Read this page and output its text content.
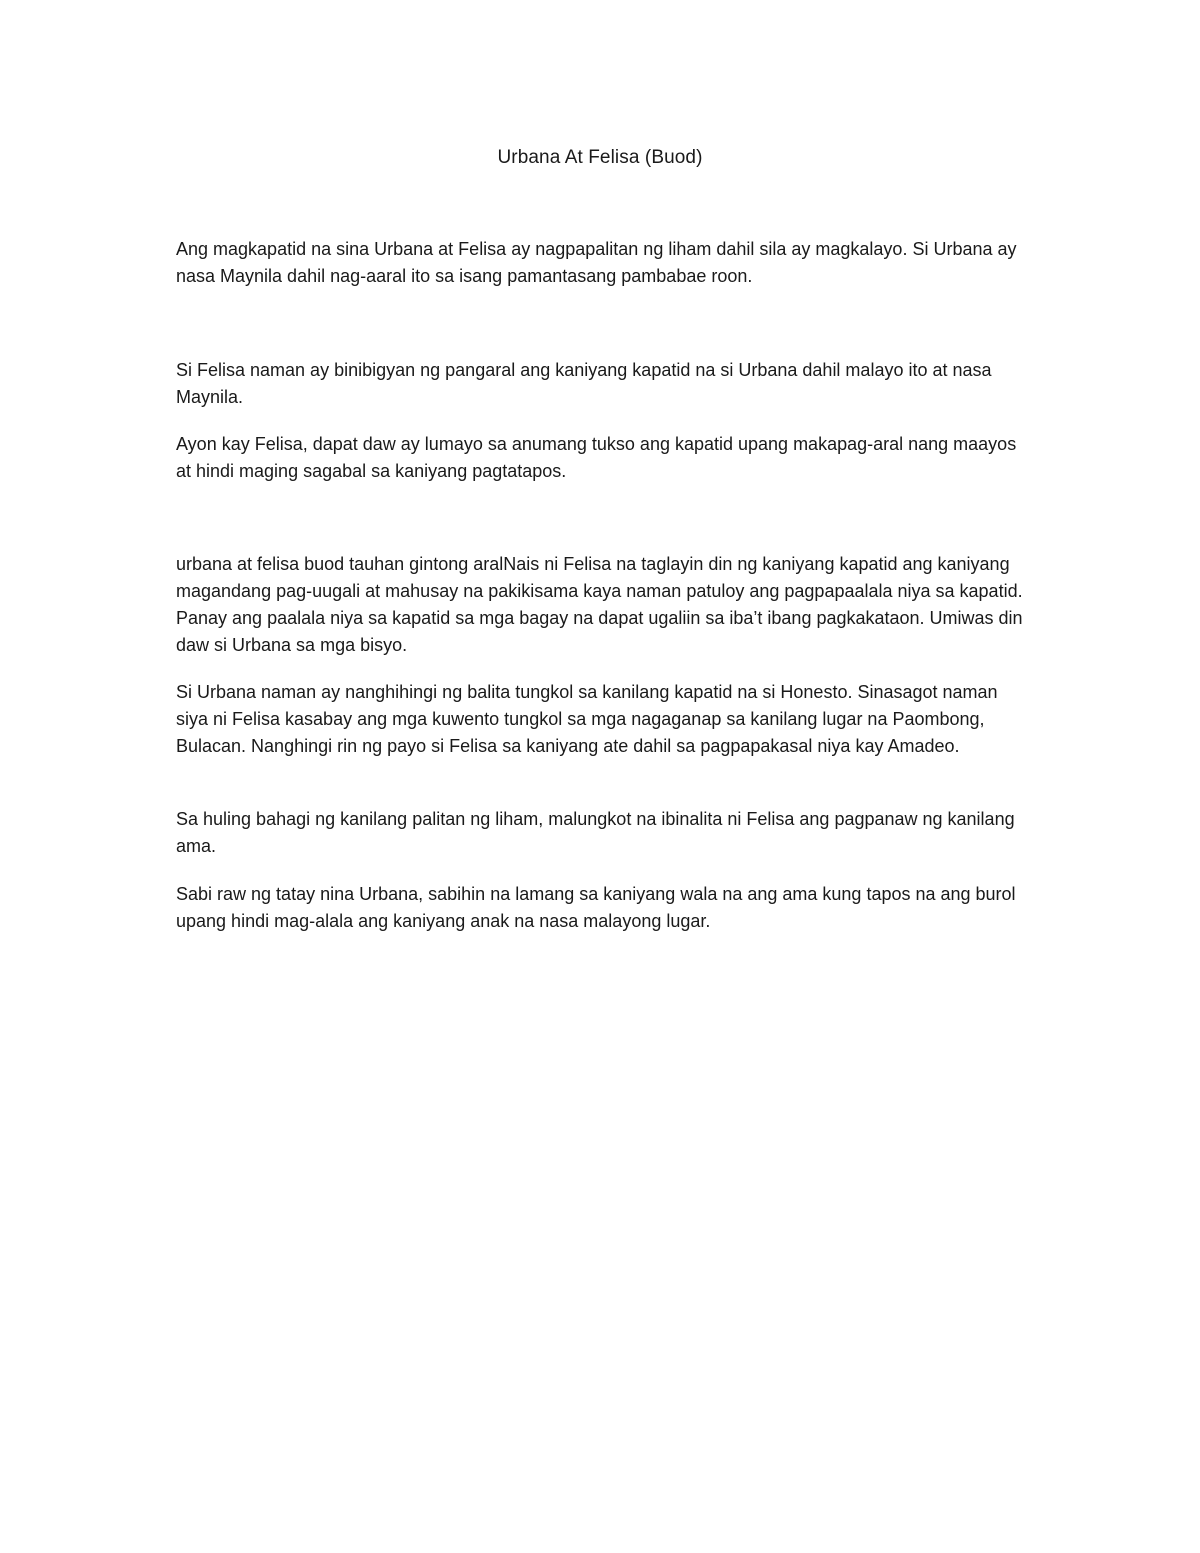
Urbana At Felisa (Buod)

Ang magkapatid na sina Urbana at Felisa ay nagpapalitan ng liham dahil sila ay magkalayo. Si Urbana ay nasa Maynila dahil nag-aaral ito sa isang pamantasang pambabae roon.

Si Felisa naman ay binibigyan ng pangaral ang kaniyang kapatid na si Urbana dahil malayo ito at nasa Maynila.

Ayon kay Felisa, dapat daw ay lumayo sa anumang tukso ang kapatid upang makapag-aral nang maayos at hindi maging sagabal sa kaniyang pagtatapos.

urbana at felisa buod tauhan gintong aralNais ni Felisa na taglayin din ng kaniyang kapatid ang kaniyang magandang pag-uugali at mahusay na pakikisama kaya naman patuloy ang pagpapaalala niya sa kapatid. Panay ang paalala niya sa kapatid sa mga bagay na dapat ugaliin sa iba’t ibang pagkakataon. Umiwas din daw si Urbana sa mga bisyo.

Si Urbana naman ay nanghihingi ng balita tungkol sa kanilang kapatid na si Honesto. Sinasagot naman siya ni Felisa kasabay ang mga kuwento tungkol sa mga nagaganap sa kanilang lugar na Paombong, Bulacan. Nanghingi rin ng payo si Felisa sa kaniyang ate dahil sa pagpapakasal niya kay Amadeo.

Sa huling bahagi ng kanilang palitan ng liham, malungkot na ibinalita ni Felisa ang pagpanaw ng kanilang ama.

Sabi raw ng tatay nina Urbana, sabihin na lamang sa kaniyang wala na ang ama kung tapos na ang burol upang hindi mag-alala ang kaniyang anak na nasa malayong lugar.
